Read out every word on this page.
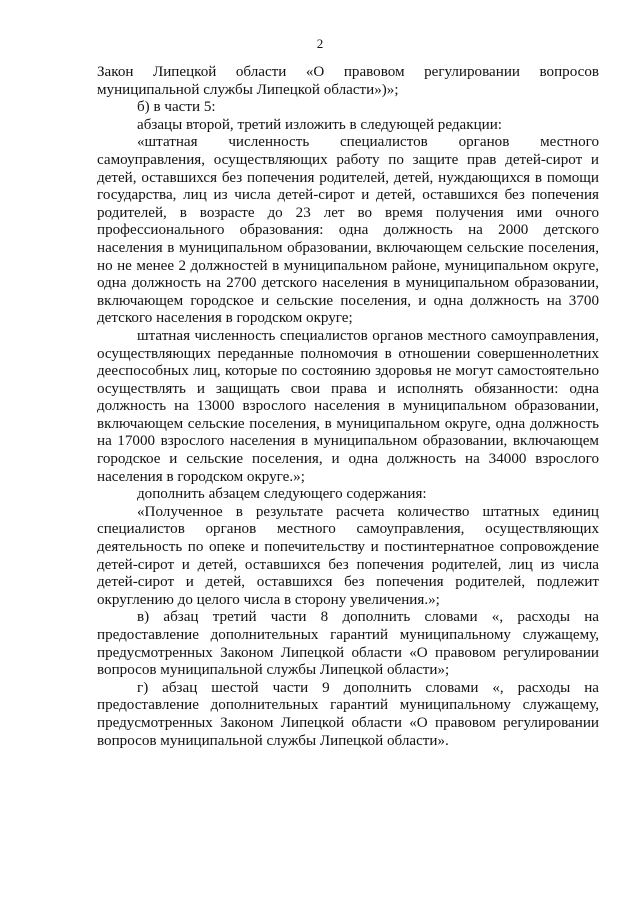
2

Закон Липецкой области «О правовом регулировании вопросов муниципальной службы Липецкой области»)»;

б) в части 5:

абзацы второй, третий изложить в следующей редакции:

«штатная численность специалистов органов местного самоуправления, осуществляющих работу по защите прав детей-сирот и детей, оставшихся без попечения родителей, детей, нуждающихся в помощи государства, лиц из числа детей-сирот и детей, оставшихся без попечения родителей, в возрасте до 23 лет во время получения ими очного профессионального образования: одна должность на 2000 детского населения в муниципальном образовании, включающем сельские поселения, но не менее 2 должностей в муниципальном районе, муниципальном округе, одна должность на 2700 детского населения в муниципальном образовании, включающем городское и сельские поселения, и одна должность на 3700 детского населения в городском округе;

штатная численность специалистов органов местного самоуправления, осуществляющих переданные полномочия в отношении совершеннолетних дееспособных лиц, которые по состоянию здоровья не могут самостоятельно осуществлять и защищать свои права и исполнять обязанности: одна должность на 13000 взрослого населения в муниципальном образовании, включающем сельские поселения, в муниципальном округе, одна должность на 17000 взрослого населения в муниципальном образовании, включающем городское и сельские поселения, и одна должность на 34000 взрослого населения в городском округе.»;

дополнить абзацем следующего содержания:

«Полученное в результате расчета количество штатных единиц специалистов органов местного самоуправления, осуществляющих деятельность по опеке и попечительству и постинтернатное сопровождение детей-сирот и детей, оставшихся без попечения родителей, лиц из числа детей-сирот и детей, оставшихся без попечения родителей, подлежит округлению до целого числа в сторону увеличения.»;

в) абзац третий части 8 дополнить словами «, расходы на предоставление дополнительных гарантий муниципальному служащему, предусмотренных Законом Липецкой области «О правовом регулировании вопросов муниципальной службы Липецкой области»;

г) абзац шестой части 9 дополнить словами «, расходы на предоставление дополнительных гарантий муниципальному служащему, предусмотренных Законом Липецкой области «О правовом регулировании вопросов муниципальной службы Липецкой области».
